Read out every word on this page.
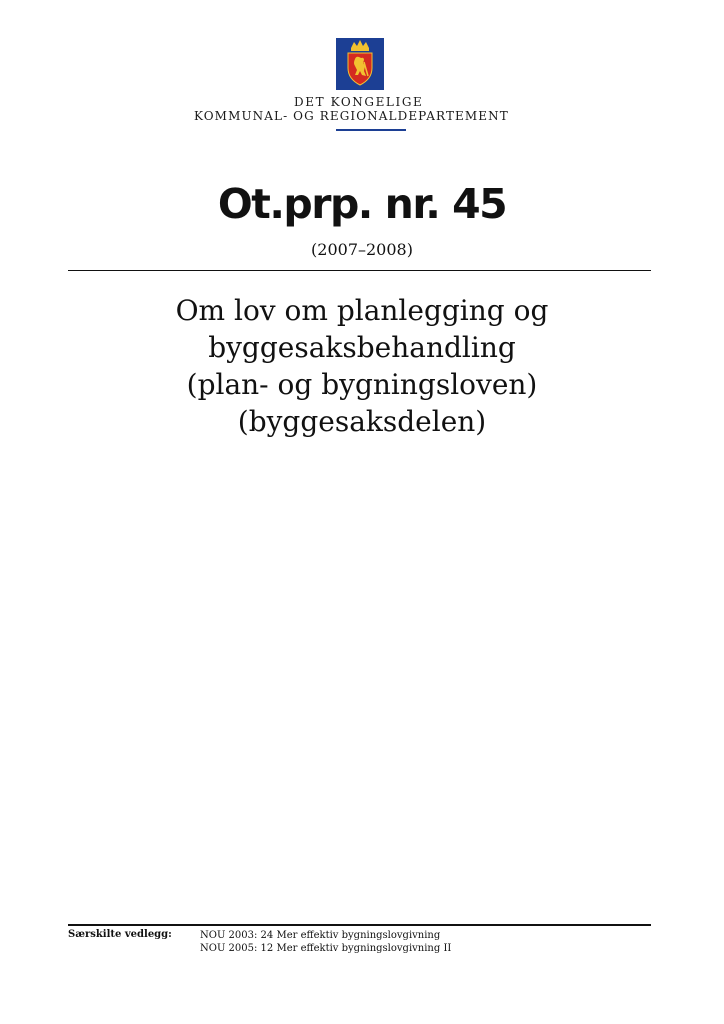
DET KONGELIGE
KOMMUNAL- OG REGIONALDEPARTEMENT
Ot.prp. nr. 45
(2007–2008)
Om lov om planlegging og
byggesaksbehandling
(plan- og bygningsloven)
(byggesaksdelen)
Særskilte vedlegg:	NOU 2003: 24 Mer effektiv bygningslovgivning
NOU 2005: 12 Mer effektiv bygningslovgivning II
